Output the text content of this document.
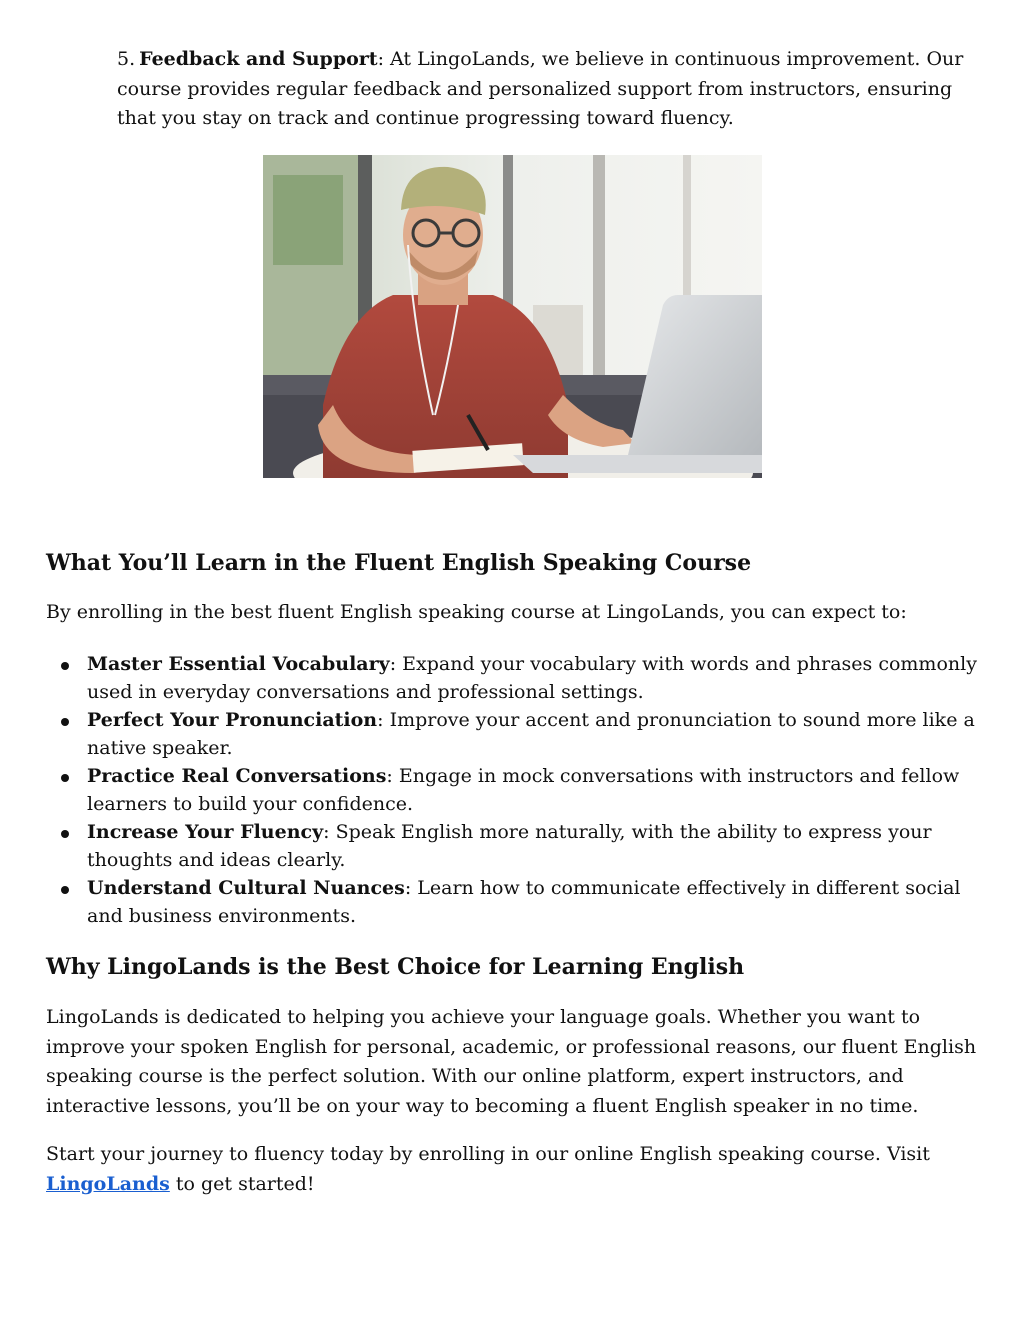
5. Feedback and Support: At LingoLands, we believe in continuous improvement. Our course provides regular feedback and personalized support from instructors, ensuring that you stay on track and continue progressing toward fluency.

What You’ll Learn in the Fluent English Speaking Course

By enrolling in the best fluent English speaking course at LingoLands, you can expect to:

Master Essential Vocabulary: Expand your vocabulary with words and phrases commonly used in everyday conversations and professional settings.
Perfect Your Pronunciation: Improve your accent and pronunciation to sound more like a native speaker.
Practice Real Conversations: Engage in mock conversations with instructors and fellow learners to build your confidence.
Increase Your Fluency: Speak English more naturally, with the ability to express your thoughts and ideas clearly.
Understand Cultural Nuances: Learn how to communicate effectively in different social and business environments.
Why LingoLands is the Best Choice for Learning English

LingoLands is dedicated to helping you achieve your language goals. Whether you want to improve your spoken English for personal, academic, or professional reasons, our fluent English speaking course is the perfect solution. With our online platform, expert instructors, and interactive lessons, you’ll be on your way to becoming a fluent English speaker in no time.

Start your journey to fluency today by enrolling in our online English speaking course. Visit LingoLands to get started!
